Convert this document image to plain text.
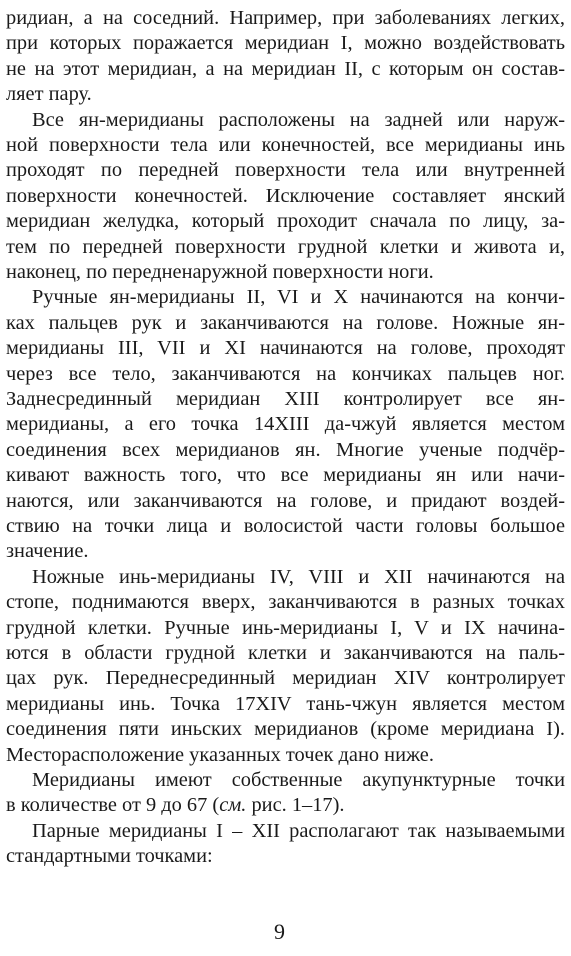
ридиан, а на соседний. Например, при заболеваниях легких,
при которых поражается меридиан I, можно воздействовать
не на этот меридиан, а на меридиан II, с которым он состав-
ляет пару.
Все ян-меридианы расположены на задней или наруж-
ной поверхности тела или конечностей, все меридианы инь
проходят по передней поверхности тела или внутренней
поверхности конечностей. Исключение составляет янский
меридиан желудка, который проходит сначала по лицу, за-
тем по передней поверхности грудной клетки и живота и,
наконец, по передненаружной поверхности ноги.
Ручные ян-меридианы II, VI и X начинаются на кончи-
ках пальцев рук и заканчиваются на голове. Ножные ян-
меридианы III, VII и XI начинаются на голове, проходят
через все тело, заканчиваются на кончиках пальцев ног.
Заднесрединный меридиан XIII контролирует все ян-
меридианы, а его точка 14XIII да-чжуй является местом
соединения всех меридианов ян. Многие ученые подчёр-
кивают важность того, что все меридианы ян или начи-
наются, или заканчиваются на голове, и придают воздей-
ствию на точки лица и волосистой части головы большое
значение.
Ножные инь-меридианы IV, VIII и XII начинаются на
стопе, поднимаются вверх, заканчиваются в разных точках
грудной клетки. Ручные инь-меридианы I, V и IX начина-
ются в области грудной клетки и заканчиваются на паль-
цах рук. Переднесрединный меридиан XIV контролирует
меридианы инь. Точка 17XIV тань-чжун является местом
соединения пяти иньских меридианов (кроме меридиана I).
Месторасположение указанных точек дано ниже.
Меридианы имеют собственные акупунктурные точки
в количестве от 9 до 67 (см. рис. 1–17).
Парные меридианы I – XII располагают так называемыми
стандартными точками:
9
